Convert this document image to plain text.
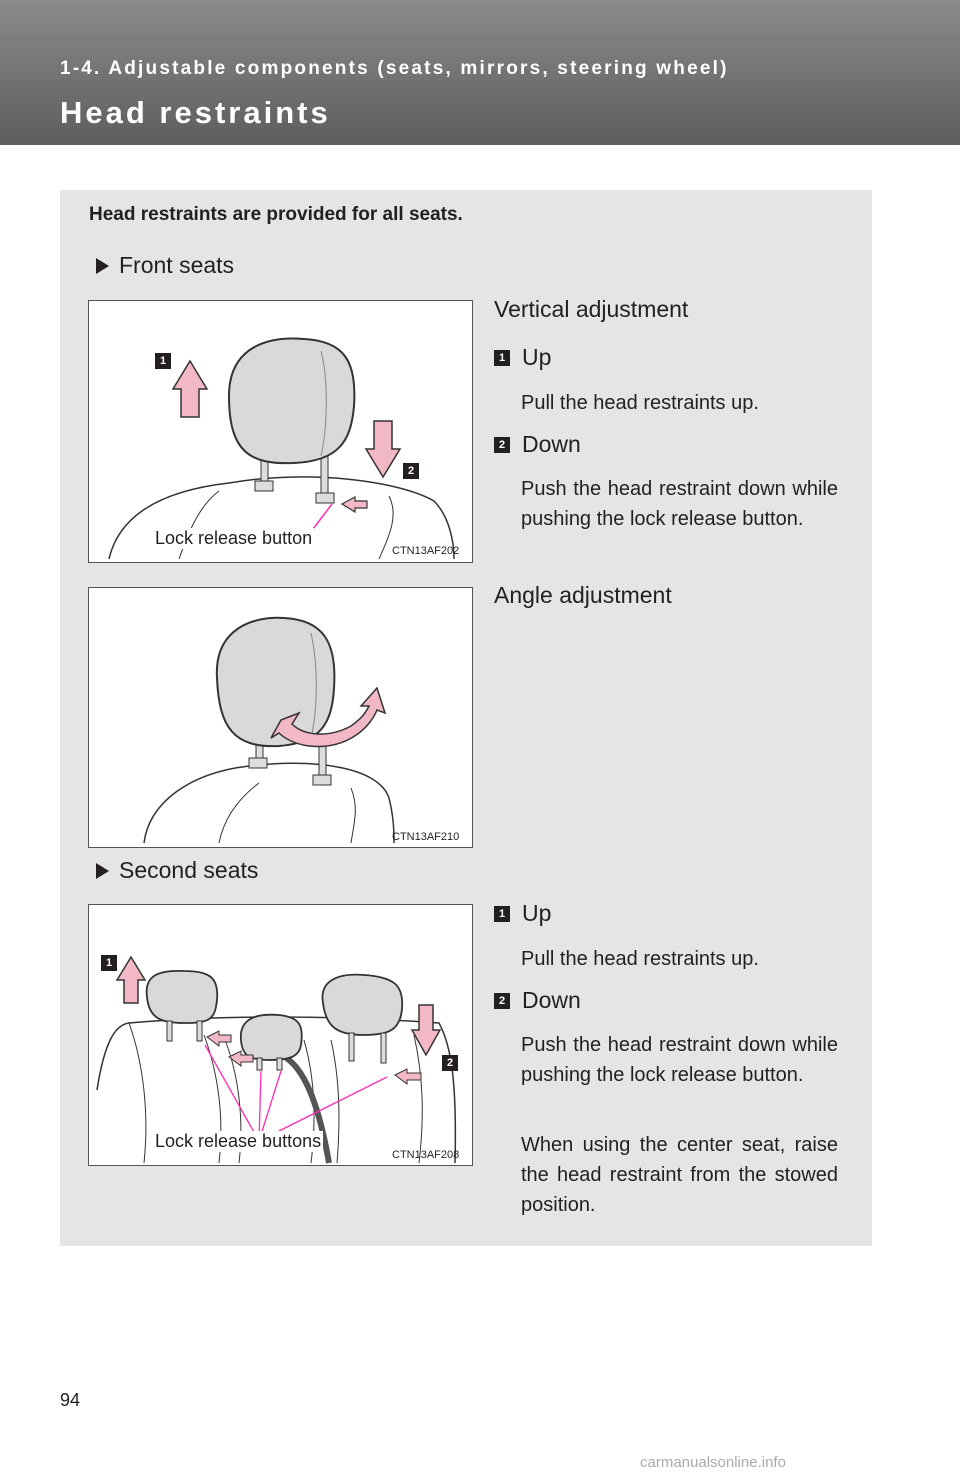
1-4. Adjustable components (seats, mirrors, steering wheel)
Head restraints
Head restraints are provided for all seats.
Front seats
1
2
Lock release button
CTN13AF202
Vertical adjustment
1 Up
Pull the head restraints up.
2 Down
Push the head restraint down while pushing the lock release button.
CTN13AF210
Angle adjustment
Second seats
1
2
Lock release buttons
CTN13AF208
1 Up
Pull the head restraints up.
2 Down
Push the head restraint down while pushing the lock release button.
When using the center seat, raise the head restraint from the stowed position.
94
carmanualsonline.info
